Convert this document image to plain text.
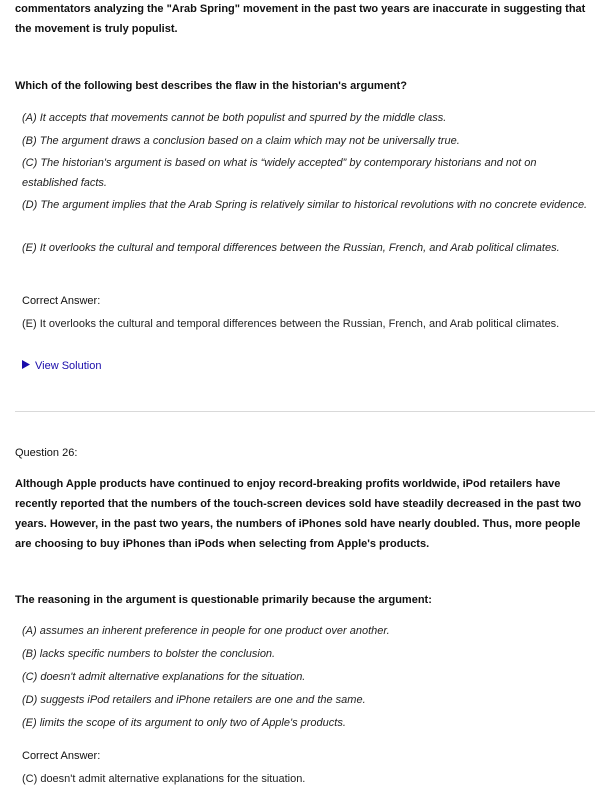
commentators analyzing the "Arab Spring" movement in the past two years are inaccurate in suggesting that the movement is truly populist.

Which of the following best describes the flaw in the historian's argument?

(A) It accepts that movements cannot be both populist and spurred by the middle class.

(B) The argument draws a conclusion based on a claim which may not be universally true.

(C) The historian's argument is based on what is “widely accepted” by contemporary historians and not on established facts.

(D) The argument implies that the Arab Spring is relatively similar to historical revolutions with no concrete evidence.

(E) It overlooks the cultural and temporal differences between the Russian, French, and Arab political climates.

Correct Answer:

(E) It overlooks the cultural and temporal differences between the Russian, French, and Arab political climates.

View Solution

Question 26:

Although Apple products have continued to enjoy record-breaking profits worldwide, iPod retailers have recently reported that the numbers of the touch-screen devices sold have steadily decreased in the past two years. However, in the past two years, the numbers of iPhones sold have nearly doubled. Thus, more people are choosing to buy iPhones than iPods when selecting from Apple's products.

The reasoning in the argument is questionable primarily because the argument:

(A) assumes an inherent preference in people for one product over another.

(B) lacks specific numbers to bolster the conclusion.

(C) doesn't admit alternative explanations for the situation.

(D) suggests iPod retailers and iPhone retailers are one and the same.

(E) limits the scope of its argument to only two of Apple's products.

Correct Answer:

(C) doesn't admit alternative explanations for the situation.
